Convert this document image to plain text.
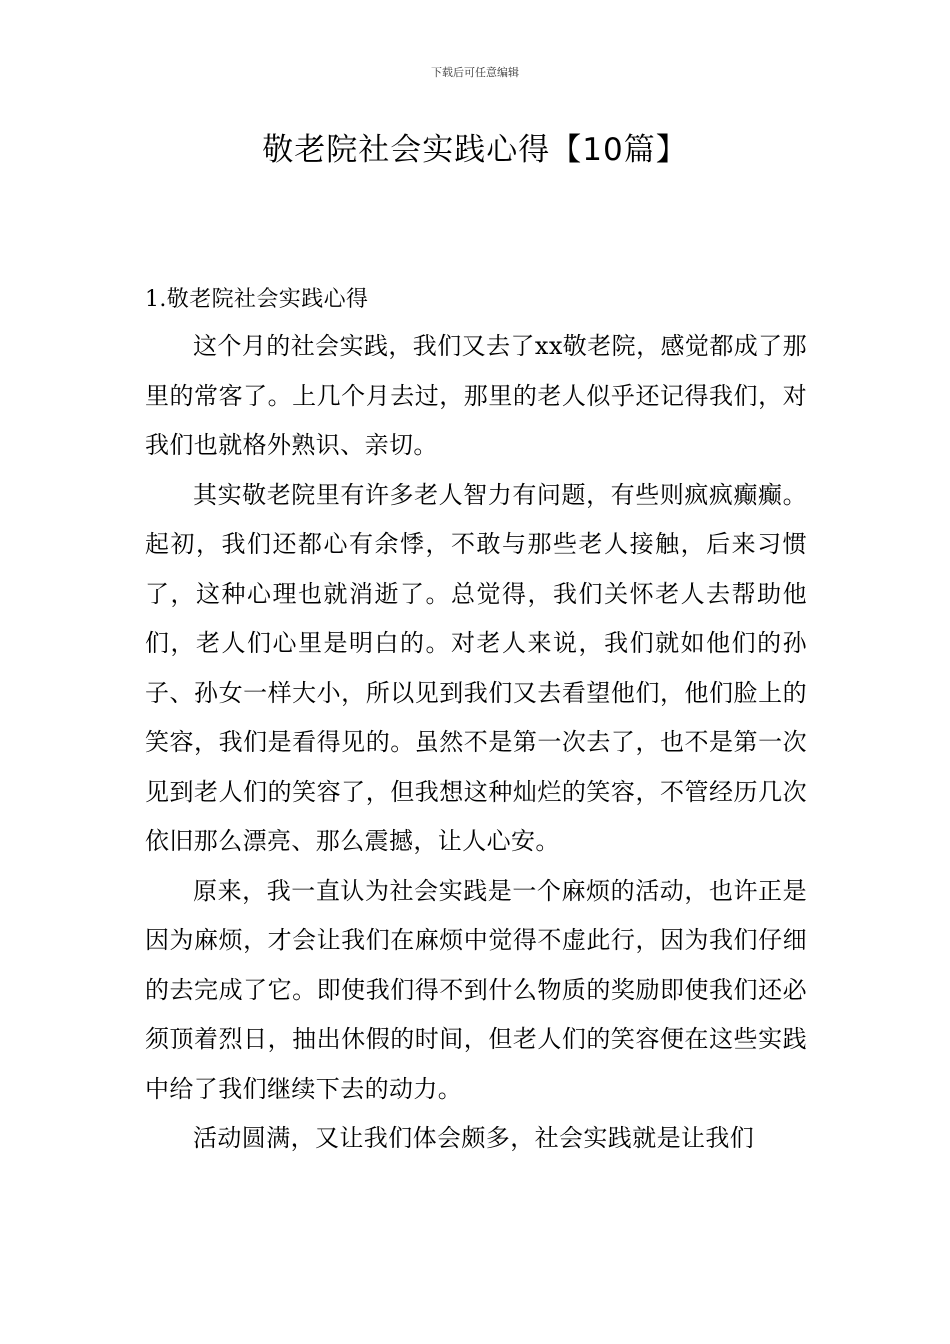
下载后可任意编辑
敬老院社会实践心得【10篇】
1.敬老院社会实践心得

这个月的社会实践，我们又去了xx敬老院，感觉都成了那里的常客了。上几个月去过，那里的老人似乎还记得我们，对我们也就格外熟识、亲切。

其实敬老院里有许多老人智力有问题，有些则疯疯癫癫。起初，我们还都心有余悸，不敢与那些老人接触，后来习惯了，这种心理也就消逝了。总觉得，我们关怀老人去帮助他们，老人们心里是明白的。对老人来说，我们就如他们的孙子、孙女一样大小，所以见到我们又去看望他们，他们脸上的笑容，我们是看得见的。虽然不是第一次去了，也不是第一次见到老人们的笑容了，但我想这种灿烂的笑容，不管经历几次依旧那么漂亮、那么震撼，让人心安。

原来，我一直认为社会实践是一个麻烦的活动，也许正是因为麻烦，才会让我们在麻烦中觉得不虚此行，因为我们仔细的去完成了它。即使我们得不到什么物质的奖励即使我们还必须顶着烈日，抽出休假的时间，但老人们的笑容便在这些实践中给了我们继续下去的动力。

活动圆满，又让我们体会颇多，社会实践就是让我们
